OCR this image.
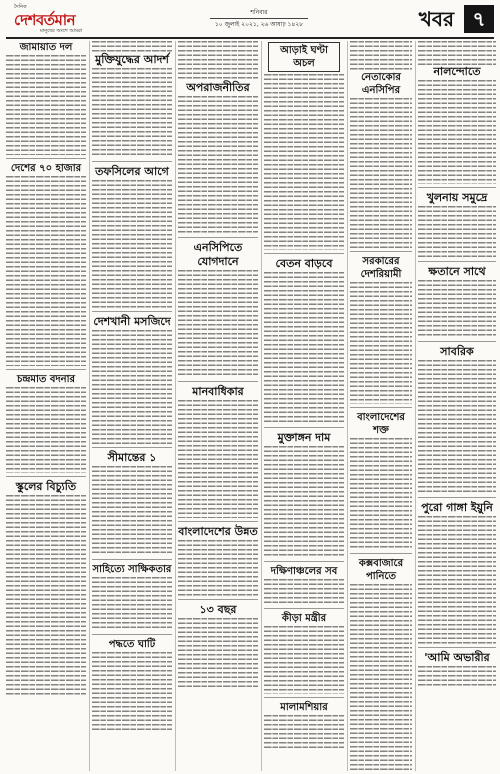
দৈনিক
দেশবর্তমান
মানুষের অংশে আমরা
শনিবার
১০ জুলাই ২০২১, ২৬ আষাঢ় ১৪২৮	খবর ৭
জামায়াত দল
দেশের ৭০ হাজার
চন্দ্রমাত বদনার
স্কুলের বিচ্যুতি
মুক্তিযুদ্ধের আদর্শ
তফসিলের আগে
দেশখানী মসজিদে
সীমান্তের ১
সাহিত্যে সাক্ষিকতার
পদ্ধতে ঘাটি
অপরাজনীতির
এনসিপিতে যোগদানে
মানবাধিকার
বাংলাদেশের উন্নত
১৩ বছর
আড়াই ঘণ্টা অচল
বেতন বাড়বে
মুক্তাঙ্গন দাম
দক্ষিণাঞ্চলের সব
কীড়া মন্ত্রীর
মালামশিয়ার
নেতাকোর এনসিপির
সরকারের দেশরিয়ামী
বাংলাদেশের শক্ত
কক্সবাজারে পানিতে
নালন্দোতে
খুলনায় সমুদ্রে
ক্ষতানে সাথে
সাবরিক
পুরো গাঙ্গা ইয়ুনি
'আমি অভারীর
